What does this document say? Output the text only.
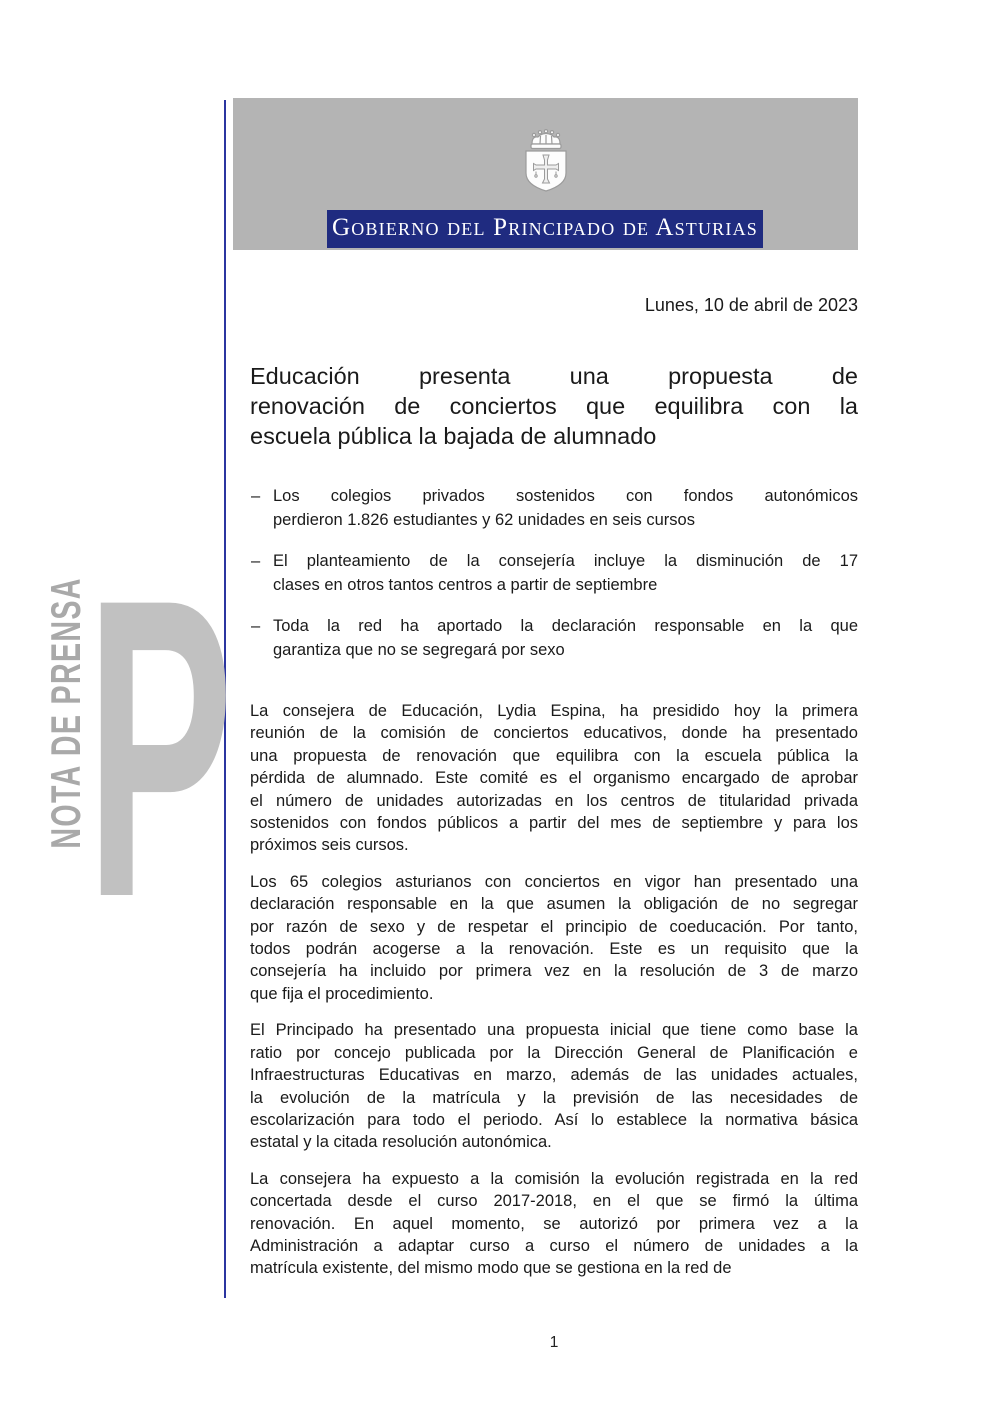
Gobierno del Principado de Asturias
NOTA DE PRENSA
P
Lunes, 10 de abril de 2023
Educación presenta una propuesta de
renovación de conciertos que equilibra con la
escuela pública la bajada de alumnado
– Los colegios privados sostenidos con fondos autonómicos
perdieron 1.826 estudiantes y 62 unidades en seis cursos
– El planteamiento de la consejería incluye la disminución de 17
clases en otros tantos centros a partir de septiembre
– Toda la red ha aportado la declaración responsable en la que
garantiza que no se segregará por sexo
La consejera de Educación, Lydia Espina, ha presidido hoy la primera
reunión de la comisión de conciertos educativos, donde ha presentado
una propuesta de renovación que equilibra con la escuela pública la
pérdida de alumnado. Este comité es el organismo encargado de aprobar
el número de unidades autorizadas en los centros de titularidad privada
sostenidos con fondos públicos a partir del mes de septiembre y para los
próximos seis cursos.
Los 65 colegios asturianos con conciertos en vigor han presentado una
declaración responsable en la que asumen la obligación de no segregar
por razón de sexo y de respetar el principio de coeducación. Por tanto,
todos podrán acogerse a la renovación. Este es un requisito que la
consejería ha incluido por primera vez en la resolución de 3 de marzo
que fija el procedimiento.
El Principado ha presentado una propuesta inicial que tiene como base la
ratio por concejo publicada por la Dirección General de Planificación e
Infraestructuras Educativas en marzo, además de las unidades actuales,
la evolución de la matrícula y la previsión de las necesidades de
escolarización para todo el periodo. Así lo establece la normativa básica
estatal y la citada resolución autonómica.
La consejera ha expuesto a la comisión la evolución registrada en la red
concertada desde el curso 2017-2018, en el que se firmó la última
renovación. En aquel momento, se autorizó por primera vez a la
Administración a adaptar curso a curso el número de unidades a la
matrícula existente, del mismo modo que se gestiona en la red de
1
